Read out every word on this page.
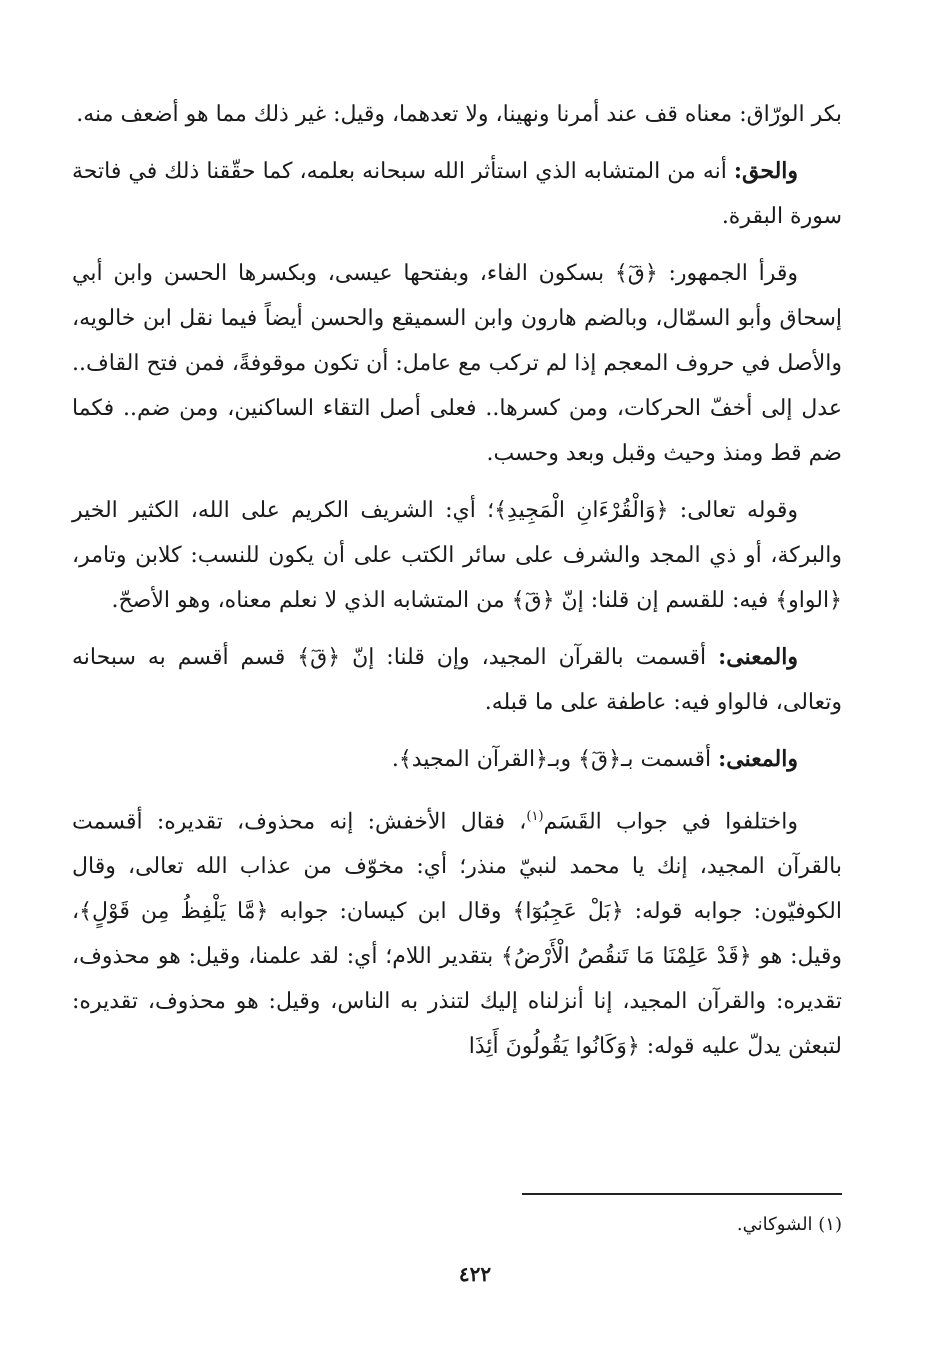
بكر الورّاق: معناه قف عند أمرنا ونهينا، ولا تعدهما، وقيل: غير ذلك مما هو أضعف منه.

والحق: أنه من المتشابه الذي استأثر الله سبحانه بعلمه، كما حقّقنا ذلك في فاتحة سورة البقرة.

وقرأ الجمهور: ﴿قٓ﴾ بسكون الفاء، وبفتحها عيسى، وبكسرها الحسن وابن أبي إسحاق وأبو السمّال، وبالضم هارون وابن السميقع والحسن أيضاً فيما نقل ابن خالويه، والأصل في حروف المعجم إذا لم تركب مع عامل: أن تكون موقوفةً، فمن فتح القاف.. عدل إلى أخفّ الحركات، ومن كسرها.. فعلى أصل التقاء الساكنين، ومن ضم.. فكما ضم قط ومنذ وحيث وقبل وبعد وحسب.

وقوله تعالى: ﴿وَالْقُرْءَانِ الْمَجِيدِ﴾؛ أي: الشريف الكريم على الله، الكثير الخير والبركة، أو ذي المجد والشرف على سائر الكتب على أن يكون للنسب: كلابن وتامر، ﴿الواو﴾ فيه: للقسم إن قلنا: إنّ ﴿قٓ﴾ من المتشابه الذي لا نعلم معناه، وهو الأصحّ.

والمعنى: أقسمت بالقرآن المجيد، وإن قلنا: إنّ ﴿قٓ﴾ قسم أقسم به سبحانه وتعالى، فالواو فيه: عاطفة على ما قبله.

والمعنى: أقسمت بـ﴿قٓ﴾ وبـ﴿القرآن المجيد﴾.

واختلفوا في جواب القَسَم$^{(١)}$، فقال الأخفش: إنه محذوف، تقديره: أقسمت بالقرآن المجيد، إنك يا محمد لنبيّ منذر؛ أي: مخوّف من عذاب الله تعالى، وقال الكوفيّون: جوابه قوله: ﴿بَلْ عَجِبُوٓا﴾ وقال ابن كيسان: جوابه ﴿مَّا يَلْفِظُ مِن قَوْلٍ﴾، وقيل: هو ﴿قَدْ عَلِمْنَا مَا تَنقُصُ الْأَرْضُ﴾ بتقدير اللام؛ أي: لقد علمنا، وقيل: هو محذوف، تقديره: والقرآن المجيد، إنا أنزلناه إليك لتنذر به الناس، وقيل: هو محذوف، تقديره: لتبعثن يدلّ عليه قوله: ﴿وَكَانُوا يَقُولُونَ أَئِذَا

(١) الشوكاني.
٤٢٢
